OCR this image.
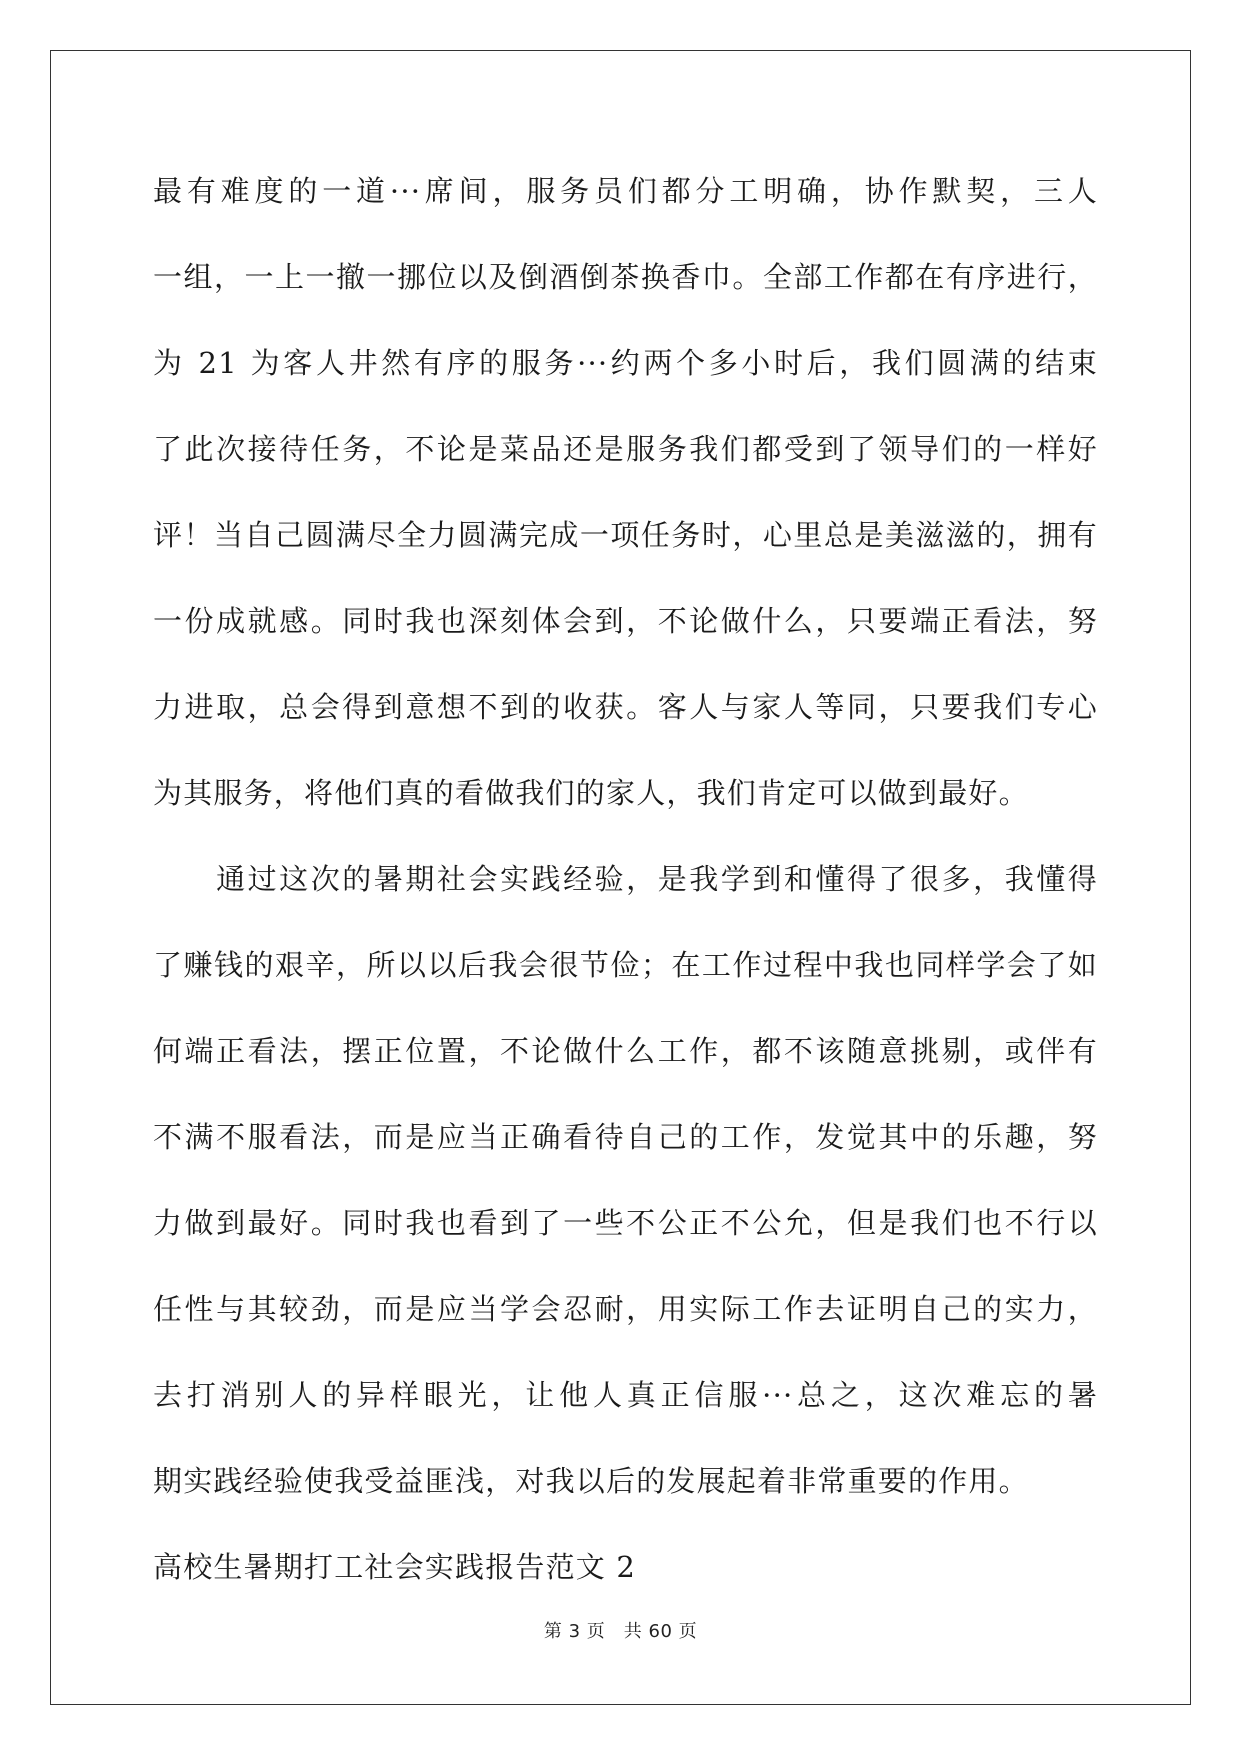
最有难度的一道···席间，服务员们都分工明确，协作默契，三人
一组，一上一撤一挪位以及倒酒倒茶换香巾。全部工作都在有序进行，
为 21 为客人井然有序的服务···约两个多小时后，我们圆满的结束
了此次接待任务，不论是菜品还是服务我们都受到了领导们的一样好
评！当自己圆满尽全力圆满完成一项任务时，心里总是美滋滋的，拥有
一份成就感。同时我也深刻体会到，不论做什么，只要端正看法，努
力进取，总会得到意想不到的收获。客人与家人等同，只要我们专心
为其服务，将他们真的看做我们的家人，我们肯定可以做到最好。
　　通过这次的暑期社会实践经验，是我学到和懂得了很多，我懂得
了赚钱的艰辛，所以以后我会很节俭；在工作过程中我也同样学会了如
何端正看法，摆正位置，不论做什么工作，都不该随意挑剔，或伴有
不满不服看法，而是应当正确看待自己的工作，发觉其中的乐趣，努
力做到最好。同时我也看到了一些不公正不公允，但是我们也不行以
任性与其较劲，而是应当学会忍耐，用实际工作去证明自己的实力，
去打消别人的异样眼光，让他人真正信服···总之，这次难忘的暑
期实践经验使我受益匪浅，对我以后的发展起着非常重要的作用。
高校生暑期打工社会实践报告范文 2
第 3 页　共 60 页
